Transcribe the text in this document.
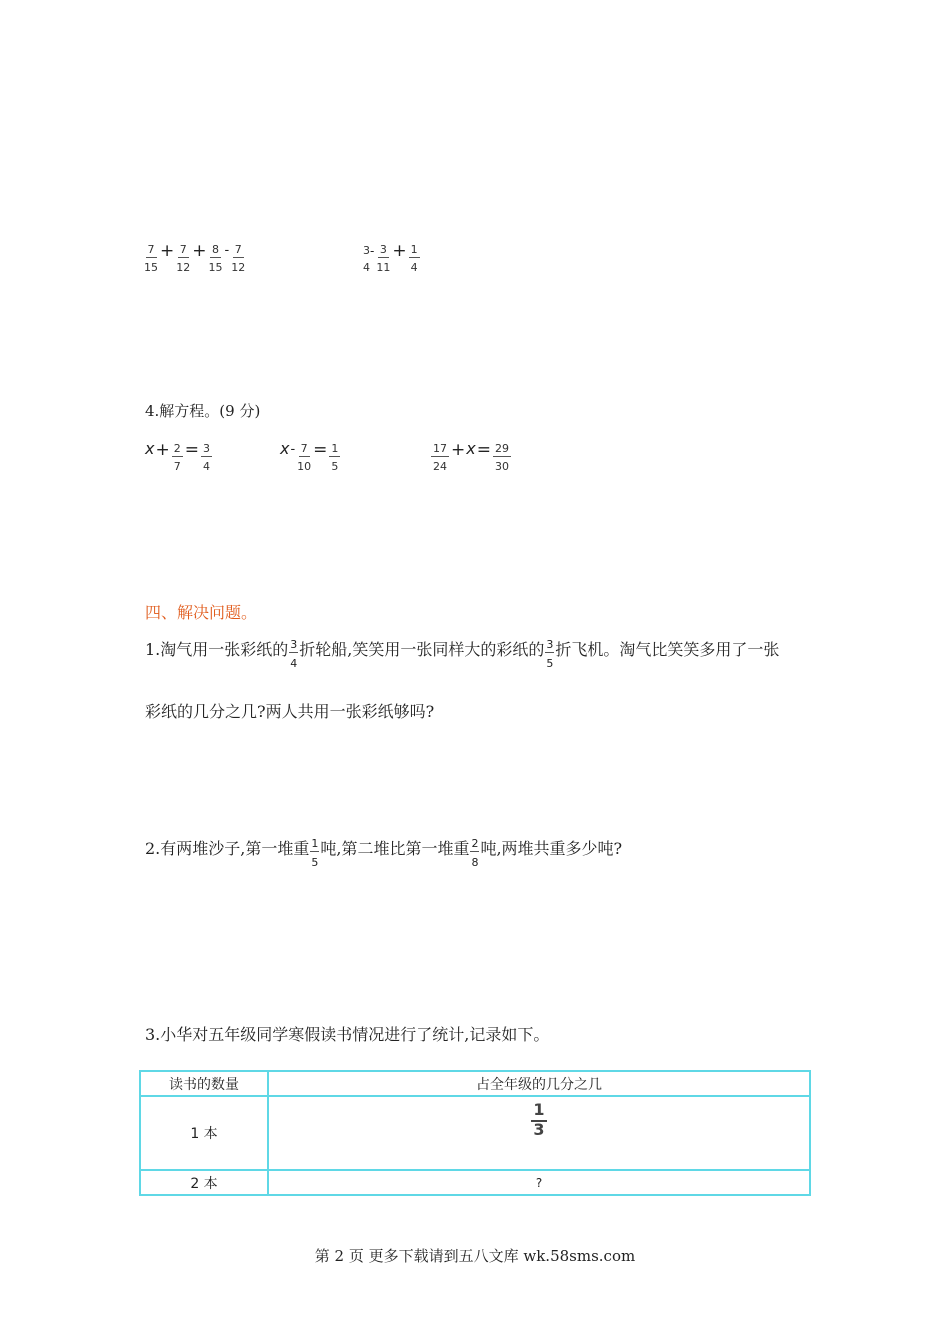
$\frac{7}{15} + \frac{7}{12} + \frac{8}{15} ^- \frac{7}{12}$	3
4
$^- \frac{3}{11} + \frac{1}{4}$
4.解方程。(9 分)
$x+ \frac{2}{7} = \frac{3}{4}$	$x^- \frac{7}{10} = \frac{1}{5}$	$\frac{17}{24} +x= \frac{29}{30}$
四、解决问题。
1.淘气用一张彩纸的 $\frac{3}{4}$ 折轮船,笑笑用一张同样大的彩纸的 $\frac{3}{5}$ 折飞机。淘气比笑笑多用了一张
彩纸的几分之几?两人共用一张彩纸够吗?
2.有两堆沙子,第一堆重 $\frac{1}{5}$ 吨,第二堆比第一堆重 $\frac{2}{8}$ 吨,两堆共重多少吨?
3.小华对五年级同学寒假读书情况进行了统计,记录如下。
读书的数量	占全年级的几分之几
1 本	$\frac{1}{3}$

2 本	?
第 2 页 更多下载请到五八文库 wk.58sms.com
